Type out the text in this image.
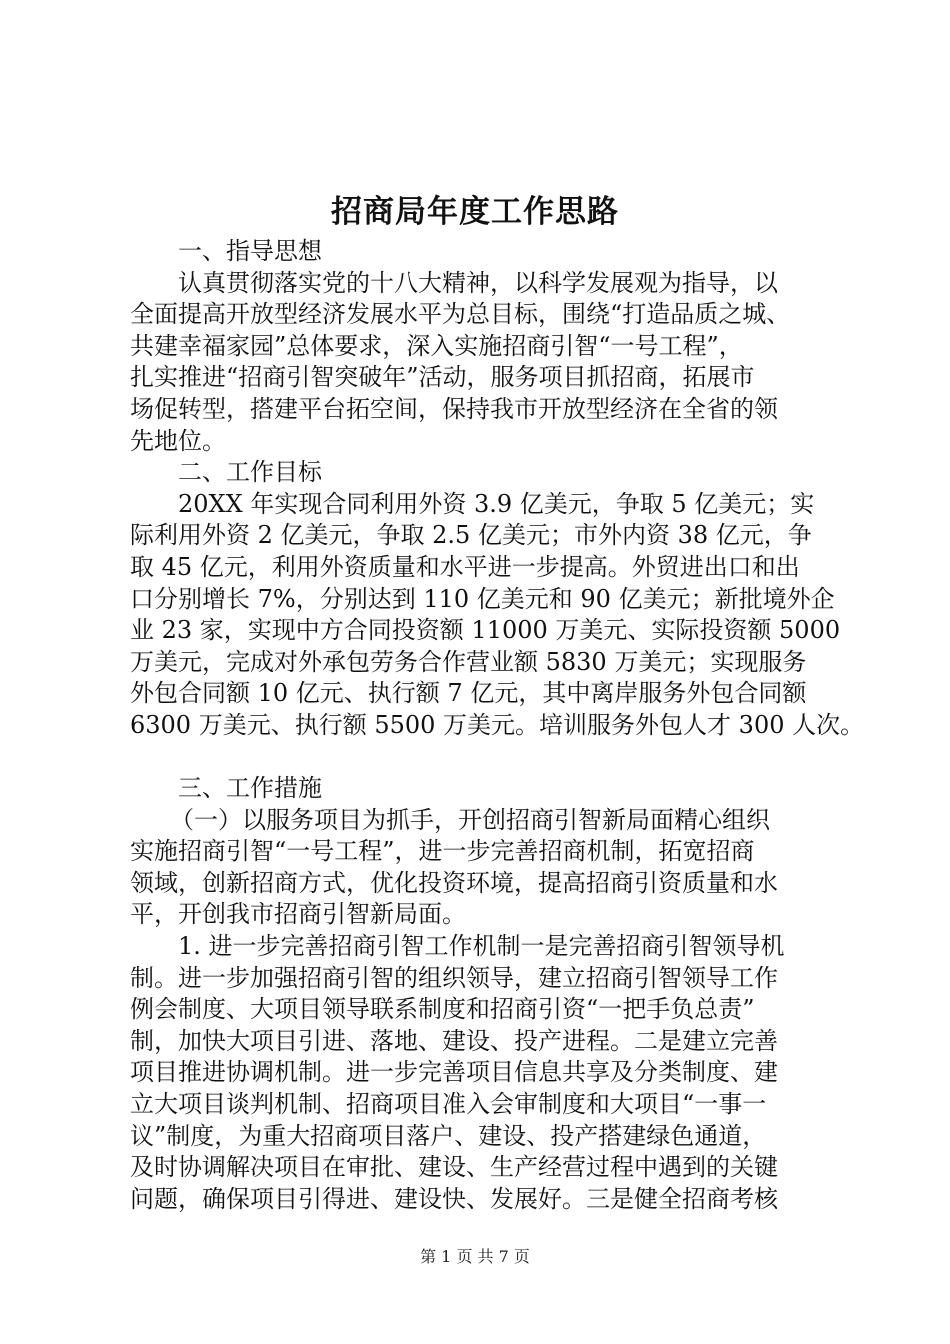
招商局年度工作思路
一、指导思想
认真贯彻落实党的十八大精神，以科学发展观为指导，以
全面提高开放型经济发展水平为总目标，围绕“打造品质之城、
共建幸福家园”总体要求，深入实施招商引智“一号工程”，
扎实推进“招商引智突破年”活动，服务项目抓招商，拓展市
场促转型，搭建平台拓空间，保持我市开放型经济在全省的领
先地位。
二、工作目标
20XX 年实现合同利用外资 3.9 亿美元，争取 5 亿美元；实
际利用外资 2 亿美元，争取 2.5 亿美元；市外内资 38 亿元，争
取 45 亿元，利用外资质量和水平进一步提高。外贸进出口和出
口分别增长 7%，分别达到 110 亿美元和 90 亿美元；新批境外企
业 23 家，实现中方合同投资额 11000 万美元、实际投资额 5000
万美元，完成对外承包劳务合作营业额 5830 万美元；实现服务
外包合同额 10 亿元、执行额 7 亿元，其中离岸服务外包合同额
6300 万美元、执行额 5500 万美元。培训服务外包人才 300 人次。
三、工作措施
（一）以服务项目为抓手，开创招商引智新局面精心组织
实施招商引智“一号工程”，进一步完善招商机制，拓宽招商
领域，创新招商方式，优化投资环境，提高招商引资质量和水
平，开创我市招商引智新局面。
1. 进一步完善招商引智工作机制一是完善招商引智领导机
制。进一步加强招商引智的组织领导，建立招商引智领导工作
例会制度、大项目领导联系制度和招商引资“一把手负总责”
制，加快大项目引进、落地、建设、投产进程。二是建立完善
项目推进协调机制。进一步完善项目信息共享及分类制度、建
立大项目谈判机制、招商项目准入会审制度和大项目“一事一
议”制度，为重大招商项目落户、建设、投产搭建绿色通道，
及时协调解决项目在审批、建设、生产经营过程中遇到的关键
问题，确保项目引得进、建设快、发展好。三是健全招商考核
第 1 页 共 7 页
